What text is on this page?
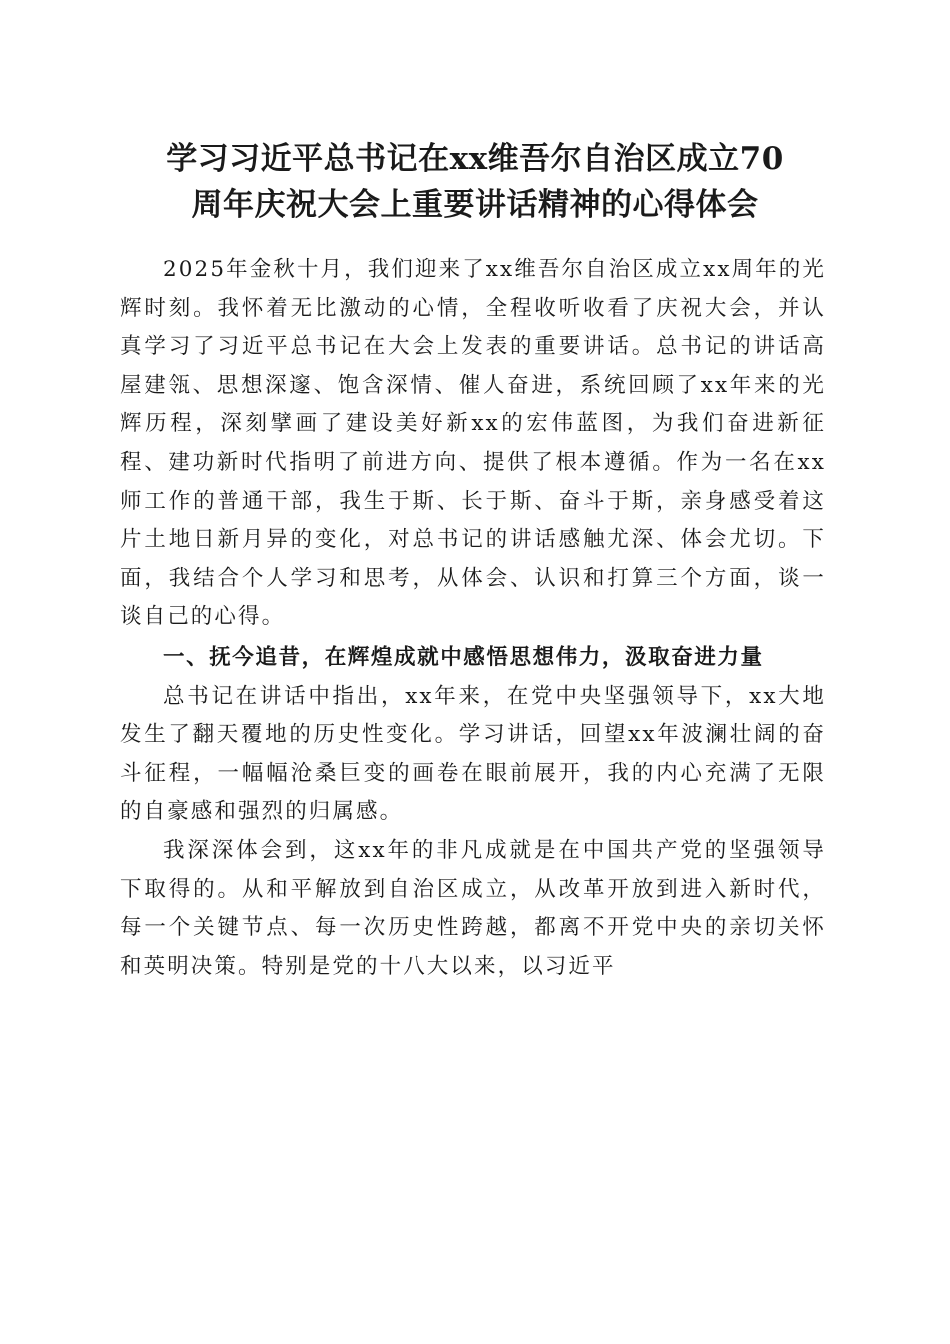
学习习近平总书记在xx维吾尔自治区成立70
周年庆祝大会上重要讲话精神的心得体会

2025年金秋十月，我们迎来了xx维吾尔自治区成立xx周年的光辉时刻。我怀着无比激动的心情，全程收听收看了庆祝大会，并认真学习了习近平总书记在大会上发表的重要讲话。总书记的讲话高屋建瓴、思想深邃、饱含深情、催人奋进，系统回顾了xx年来的光辉历程，深刻擘画了建设美好新xx的宏伟蓝图，为我们奋进新征程、建功新时代指明了前进方向、提供了根本遵循。作为一名在xx师工作的普通干部，我生于斯、长于斯、奋斗于斯，亲身感受着这片土地日新月异的变化，对总书记的讲话感触尤深、体会尤切。下面，我结合个人学习和思考，从体会、认识和打算三个方面，谈一谈自己的心得。

一、抚今追昔，在辉煌成就中感悟思想伟力，汲取奋进力量

总书记在讲话中指出，xx年来，在党中央坚强领导下，xx大地发生了翻天覆地的历史性变化。学习讲话，回望xx年波澜壮阔的奋斗征程，一幅幅沧桑巨变的画卷在眼前展开，我的内心充满了无限的自豪感和强烈的归属感。

我深深体会到，这xx年的非凡成就是在中国共产党的坚强领导下取得的。从和平解放到自治区成立，从改革开放到进入新时代，每一个关键节点、每一次历史性跨越，都离不开党中央的亲切关怀和英明决策。特别是党的十八大以来，以习近平
